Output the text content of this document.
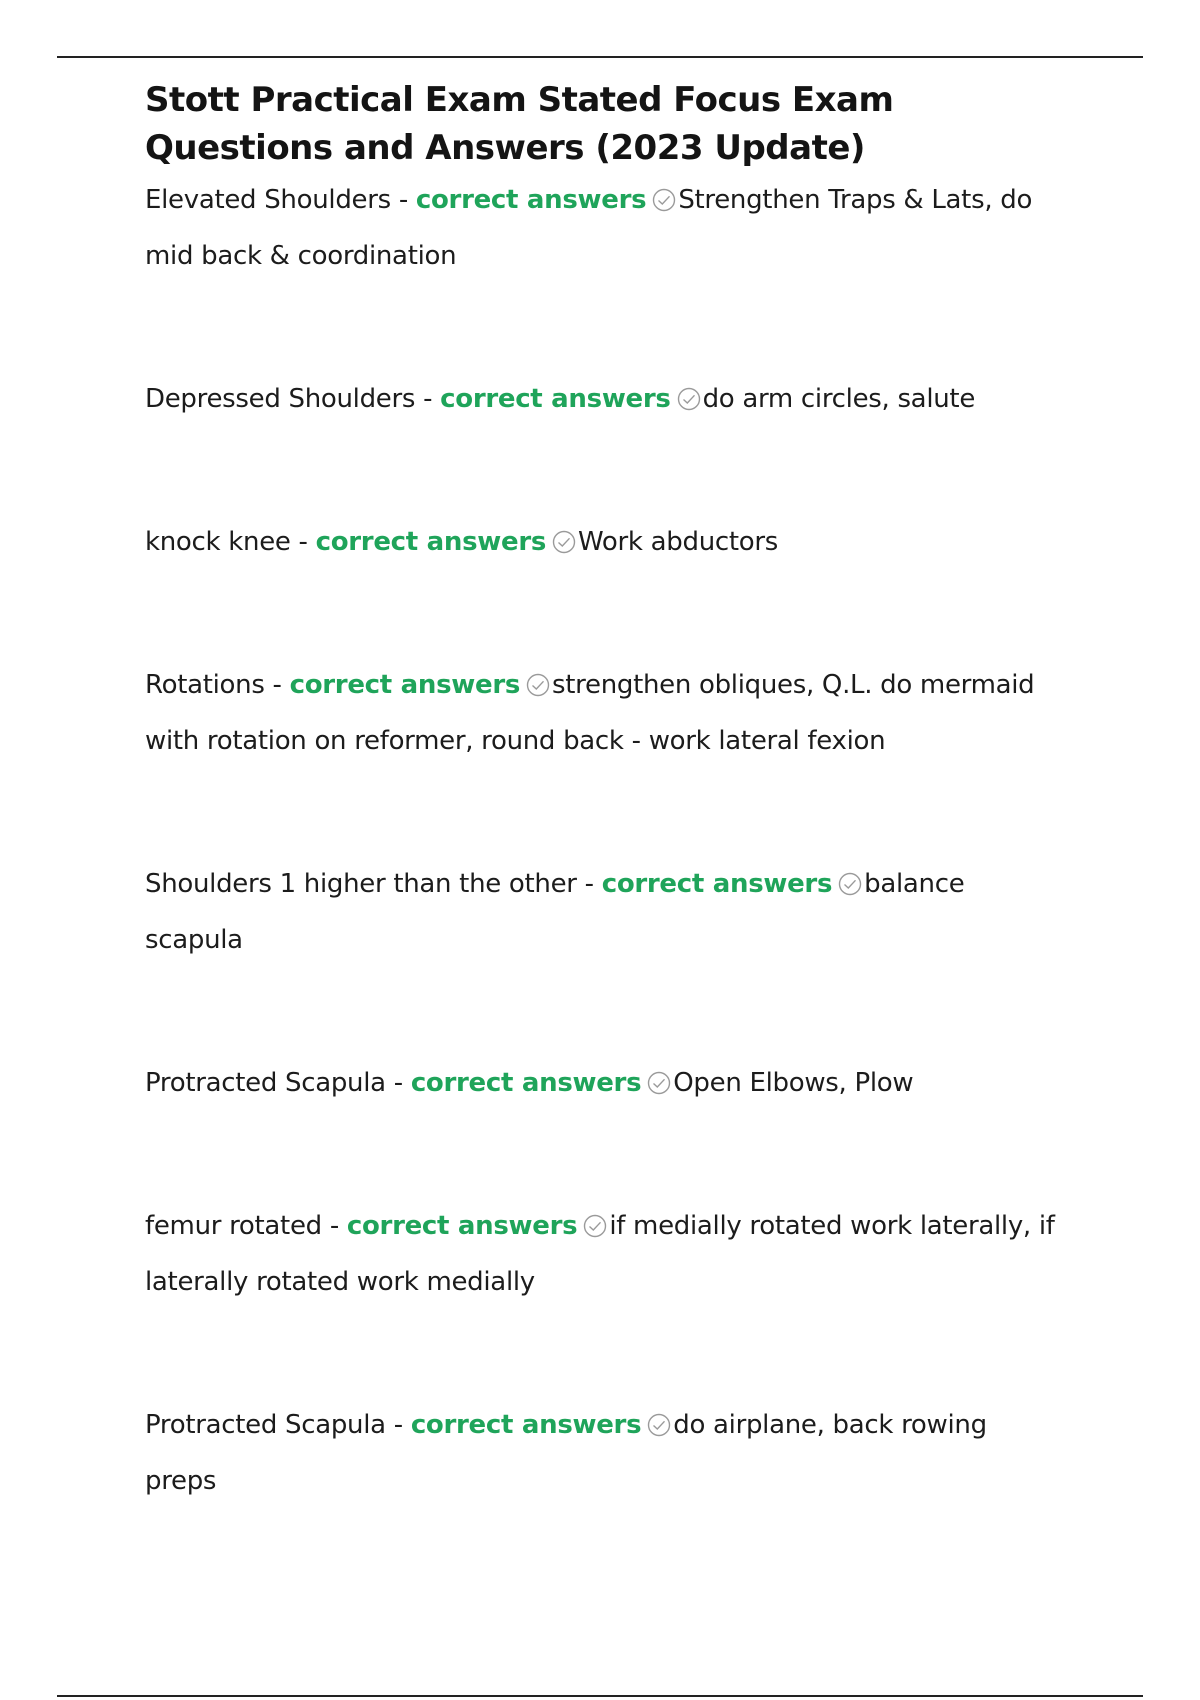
Stott Practical Exam Stated Focus Exam Questions and Answers (2023 Update)

Elevated Shoulders - correct answers Strengthen Traps & Lats, do mid back & coordination

Depressed Shoulders - correct answers do arm circles, salute

knock knee - correct answers Work abductors

Rotations - correct answers strengthen obliques, Q.L. do mermaid with rotation on reformer, round back - work lateral fexion

Shoulders 1 higher than the other - correct answers balance scapula

Protracted Scapula - correct answers Open Elbows, Plow

femur rotated - correct answers if medially rotated work laterally, if laterally rotated work medially

Protracted Scapula - correct answers do airplane, back rowing preps
